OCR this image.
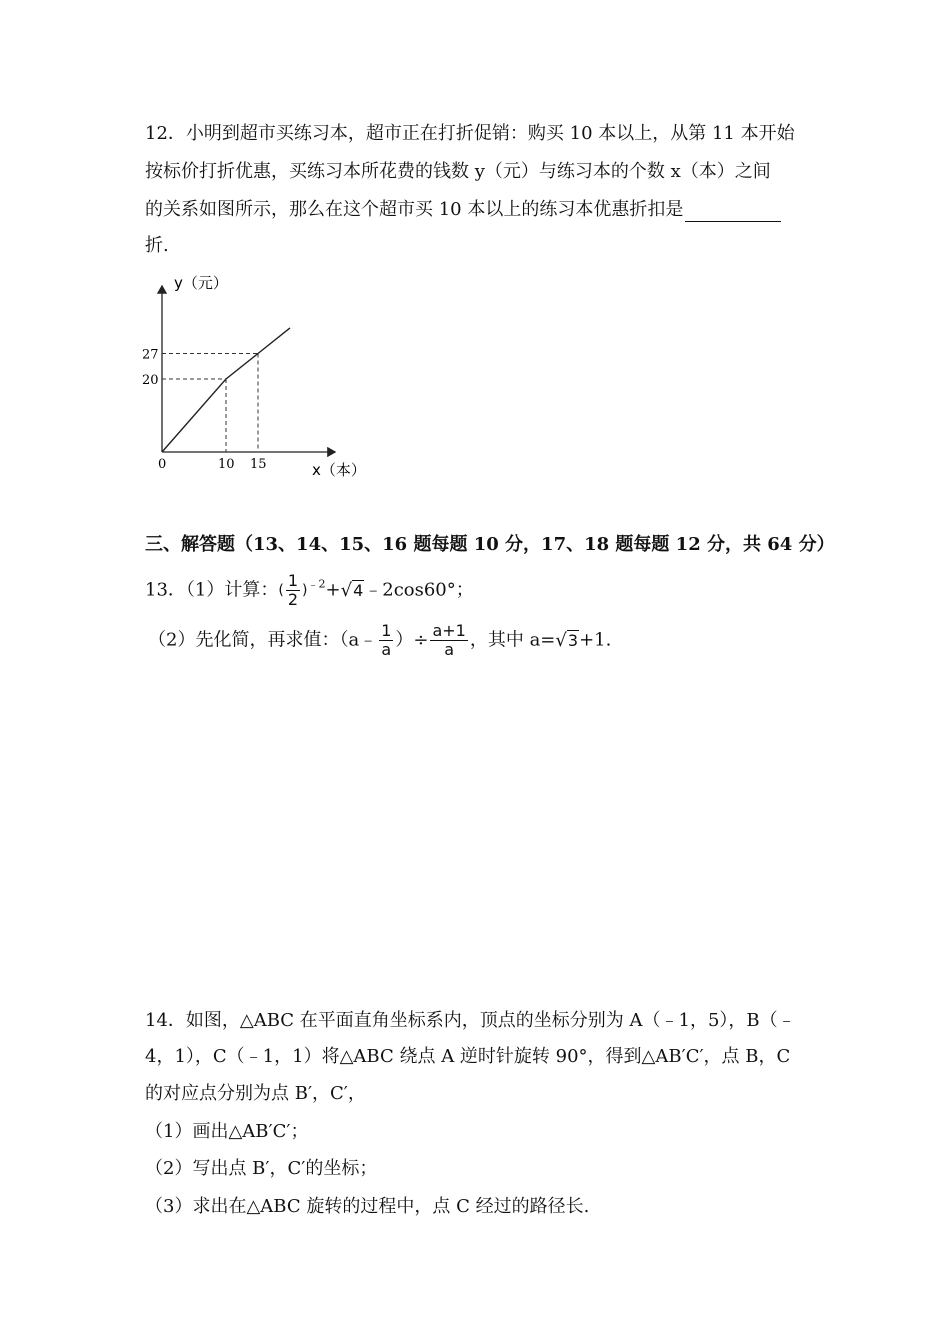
12．小明到超市买练习本，超市正在打折促销：购买 10 本以上，从第 11 本开始
按标价打折优惠，买练习本所花费的钱数 y（元）与练习本的个数 x（本）之间
的关系如图所示，那么在这个超市买 10 本以上的练习本优惠折扣是
折.
y（元）
x（本）
0	10 15
20
27
三、解答题（13、14、15、16 题每题 10 分，17、18 题每题 12 分，共 64 分）
13．（1）计算：( $\frac{1}{2}$ )$^{﹣2}$+√4﹣2cos60°；
（2）先化简，再求值：（a﹣ $\frac{1}{a}$ ）÷ $\frac{a+1}{a}$ ，其中 a=√3+1.
14．如图，△ABC 在平面直角坐标系内，顶点的坐标分别为 A（﹣1，5），B（﹣
4，1），C（﹣1，1）将△ABC 绕点 A 逆时针旋转 90°，得到△AB′C′，点 B，C
的对应点分别为点 B′，C′，
（1）画出△AB′C′；
（2）写出点 B′，C′的坐标；
（3）求出在△ABC 旋转的过程中，点 C 经过的路径长.
